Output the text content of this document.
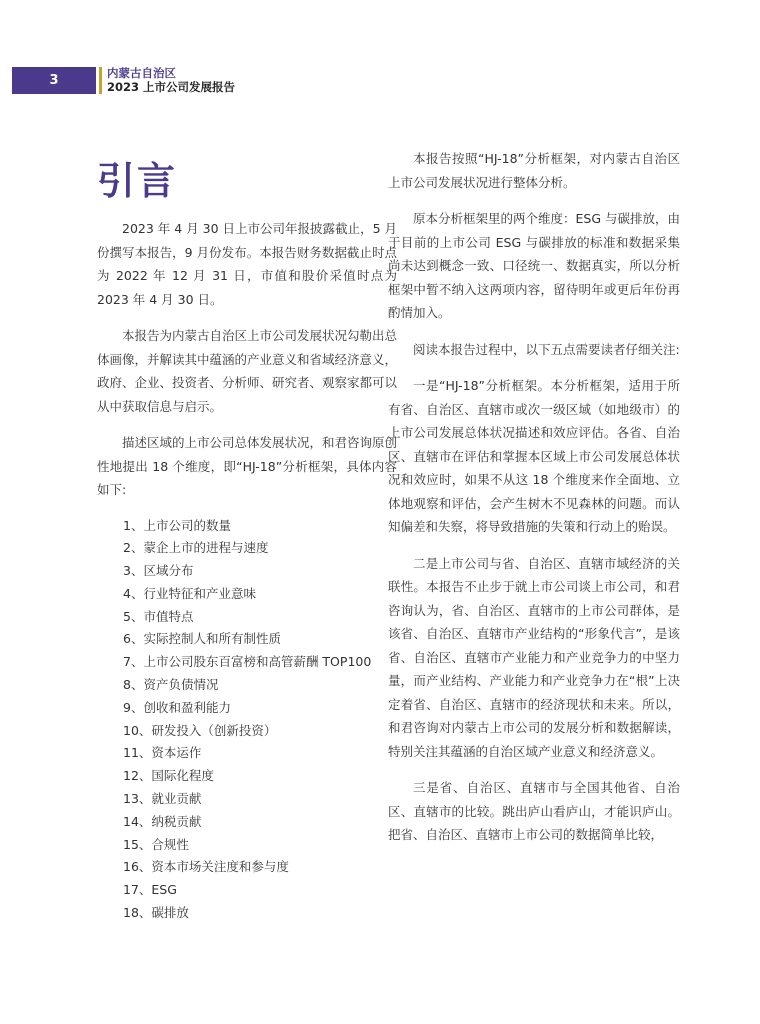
3	内蒙古自治区
2023 上市公司发展报告
引言

2023 年 4 月 30 日上市公司年报披露截止，5 月份撰写本报告，9 月份发布。本报告财务数据截止时点为 2022 年 12 月 31 日，市值和股价采值时点为 2023 年 4 月 30 日。

本报告为内蒙古自治区上市公司发展状况勾勒出总体画像，并解读其中蕴涵的产业意义和省域经济意义，政府、企业、投资者、分析师、研究者、观察家都可以从中获取信息与启示。

描述区域的上市公司总体发展状况，和君咨询原创性地提出 18 个维度，即“HJ-18”分析框架，具体内容如下:

1、上市公司的数量
2、蒙企上市的进程与速度
3、区域分布
4、行业特征和产业意味
5、市值特点
6、实际控制人和所有制性质
7、上市公司股东百富榜和高管薪酬 TOP100
8、资产负债情况
9、创收和盈利能力
10、研发投入（创新投资）
11、资本运作
12、国际化程度
13、就业贡献
14、纳税贡献
15、合规性
16、资本市场关注度和参与度
17、ESG
18、碳排放

本报告按照“HJ-18”分析框架，对内蒙古自治区上市公司发展状况进行整体分析。

原本分析框架里的两个维度：ESG 与碳排放，由于目前的上市公司 ESG 与碳排放的标准和数据采集尚未达到概念一致、口径统一、数据真实，所以分析框架中暂不纳入这两项内容，留待明年或更后年份再酌情加入。

阅读本报告过程中，以下五点需要读者仔细关注:

一是“HJ-18”分析框架。本分析框架，适用于所有省、自治区、直辖市或次一级区域（如地级市）的上市公司发展总体状况描述和效应评估。各省、自治区、直辖市在评估和掌握本区域上市公司发展总体状况和效应时，如果不从这 18 个维度来作全面地、立体地观察和评估，会产生树木不见森林的问题。而认知偏差和失察，将导致措施的失策和行动上的贻误。

二是上市公司与省、自治区、直辖市域经济的关联性。本报告不止步于就上市公司谈上市公司，和君咨询认为，省、自治区、直辖市的上市公司群体，是该省、自治区、直辖市产业结构的“形象代言”，是该省、自治区、直辖市产业能力和产业竞争力的中坚力量，而产业结构、产业能力和产业竞争力在“根”上决定着省、自治区、直辖市的经济现状和未来。所以，和君咨询对内蒙古上市公司的发展分析和数据解读，特别关注其蕴涵的自治区域产业意义和经济意义。

三是省、自治区、直辖市与全国其他省、自治区、直辖市的比较。跳出庐山看庐山，才能识庐山。把省、自治区、直辖市上市公司的数据简单比较，
